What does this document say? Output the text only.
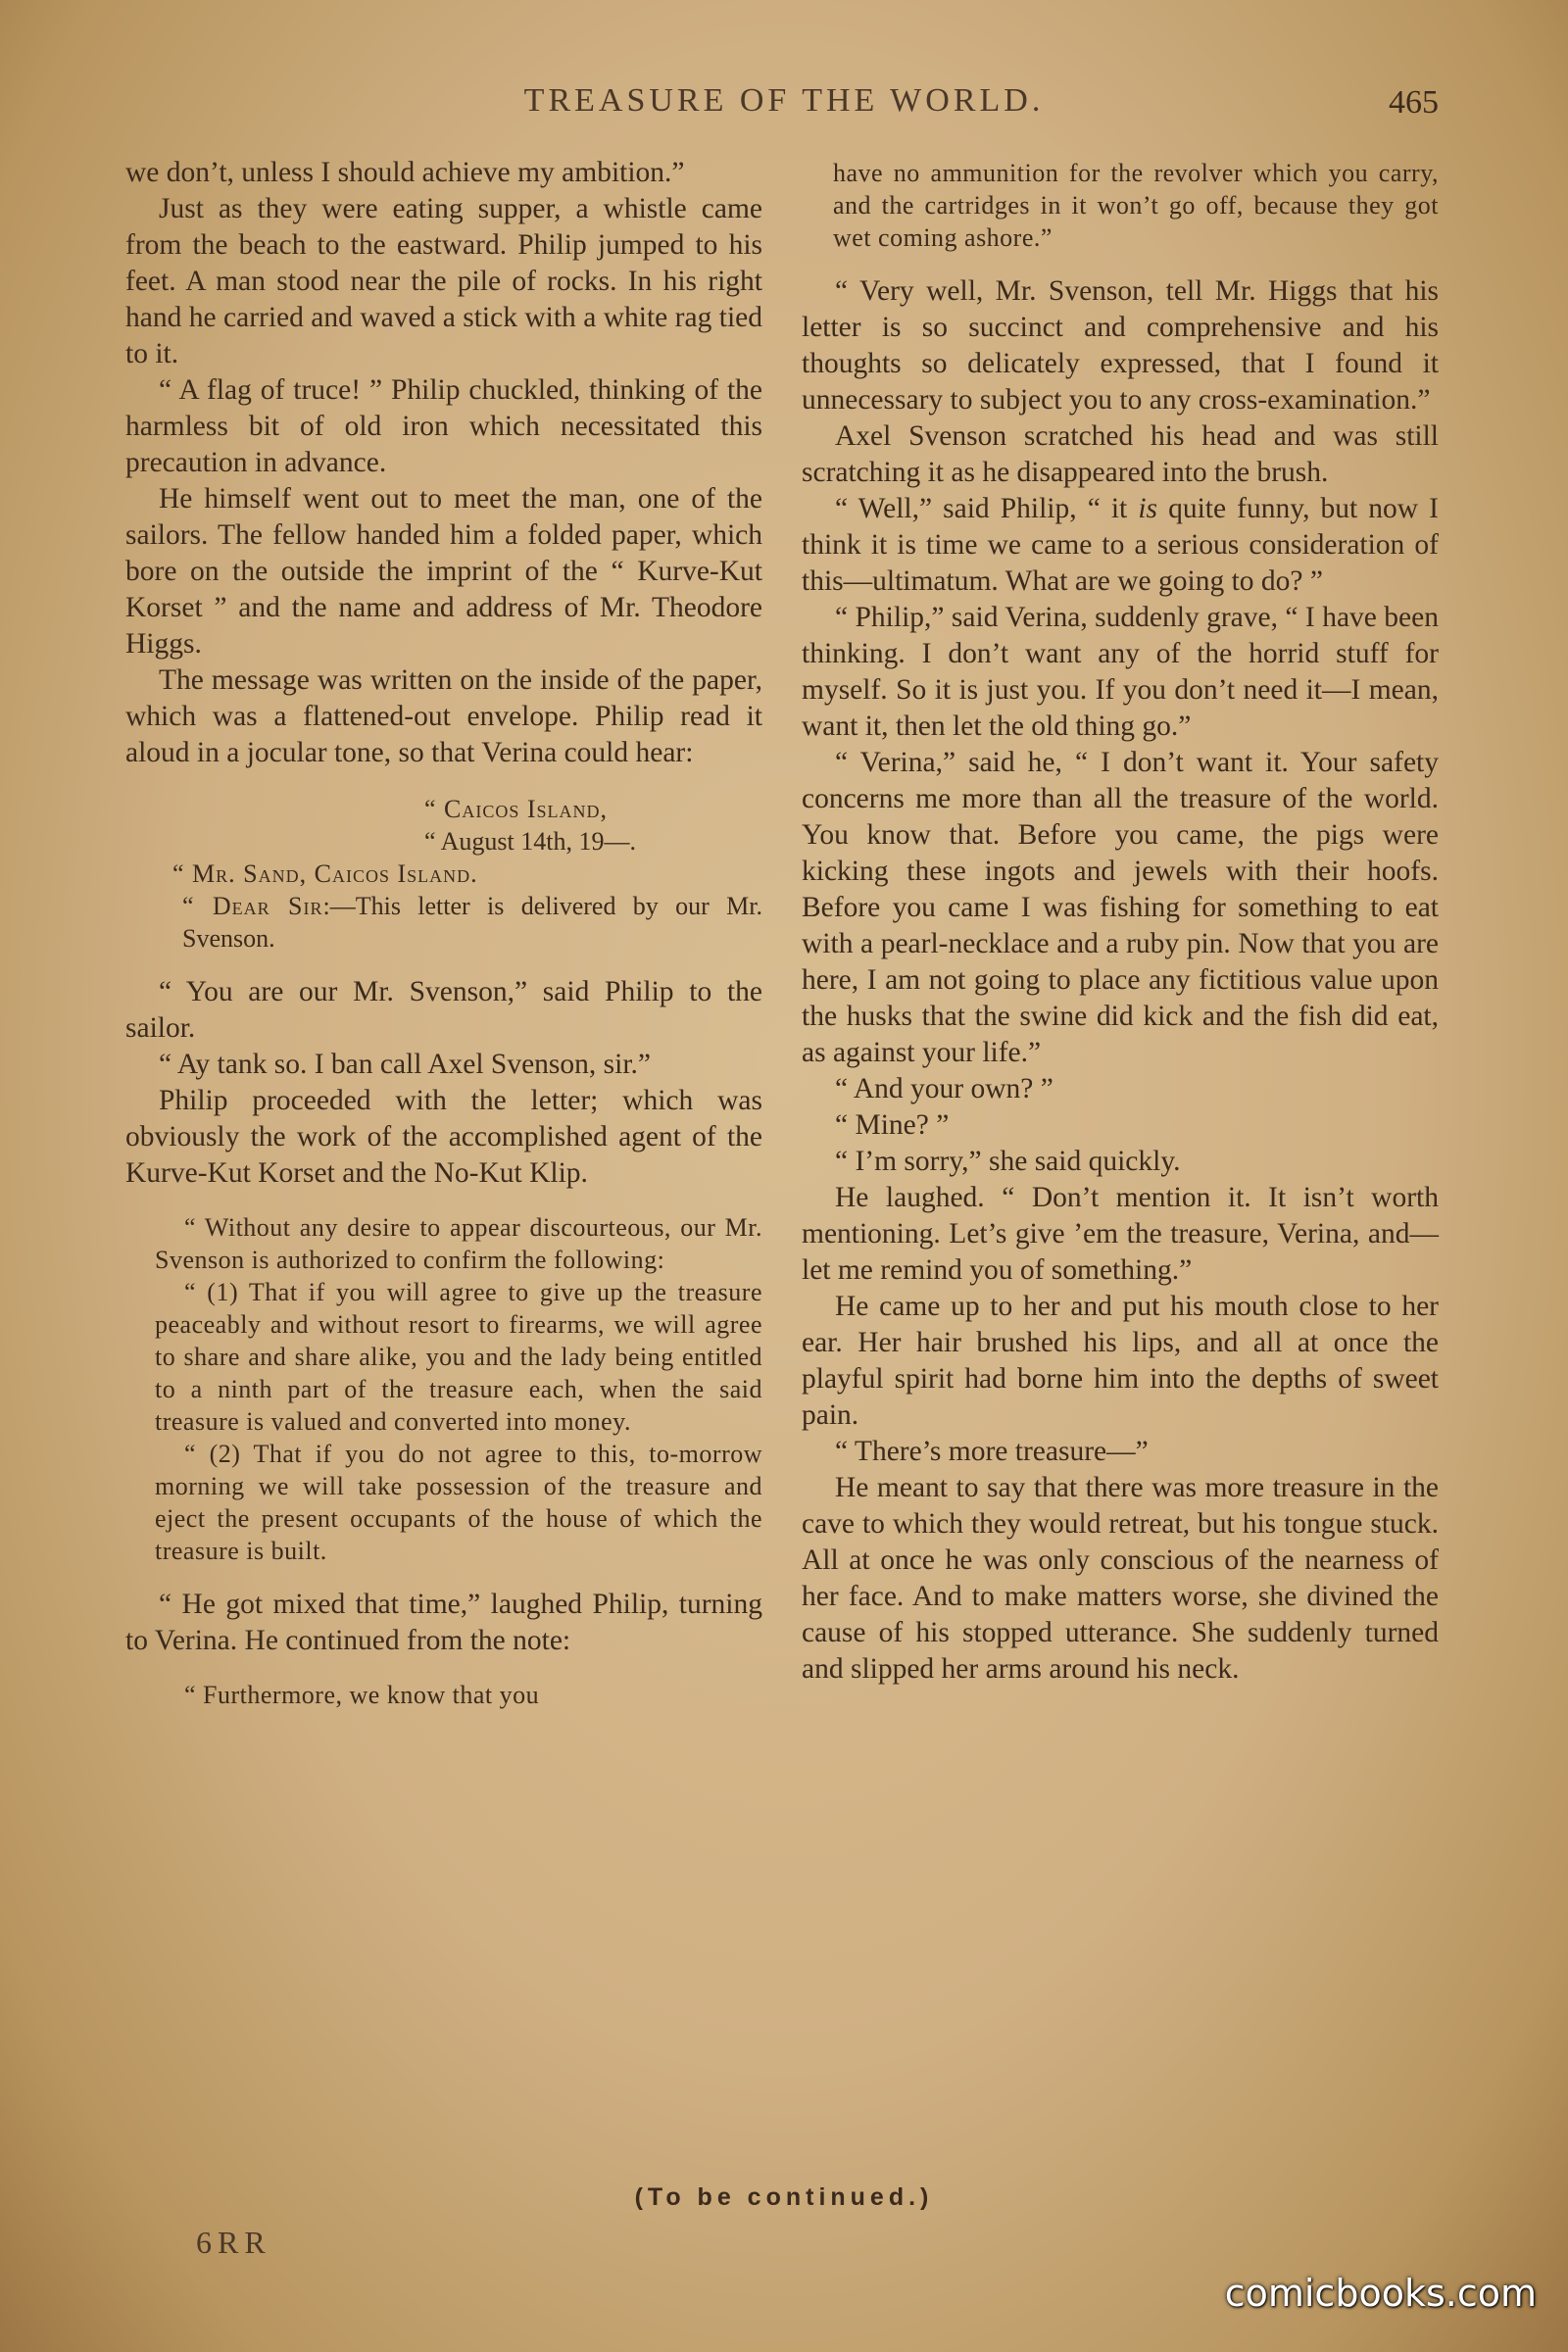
TREASURE OF THE WORLD.	465

we don’t, unless I should achieve my ambition.”

Just as they were eating supper, a whistle came from the beach to the eastward. Philip jumped to his feet. A man stood near the pile of rocks. In his right hand he carried and waved a stick with a white rag tied to it.

“ A flag of truce! ” Philip chuckled, thinking of the harmless bit of old iron which necessitated this precaution in advance.

He himself went out to meet the man, one of the sailors. The fellow handed him a folded paper, which bore on the outside the imprint of the “ Kurve-Kut Korset ” and the name and address of Mr. Theodore Higgs.

The message was written on the inside of the paper, which was a flattened-out envelope. Philip read it aloud in a jocular tone, so that Verina could hear:

“ Caicos Island,
“ August 14th, 19—.
“ Mr. Sand, Caicos Island.
“ Dear Sir:—This letter is delivered by our Mr. Svenson.

“ You are our Mr. Svenson,” said Philip to the sailor.

“ Ay tank so. I ban call Axel Svenson, sir.”

Philip proceeded with the letter; which was obviously the work of the accomplished agent of the Kurve-Kut Korset and the No-Kut Klip.

“ Without any desire to appear discourteous, our Mr. Svenson is authorized to confirm the following:

“ (1) That if you will agree to give up the treasure peaceably and without resort to firearms, we will agree to share and share alike, you and the lady being entitled to a ninth part of the treasure each, when the said treasure is valued and converted into money.

“ (2) That if you do not agree to this, to-morrow morning we will take possession of the treasure and eject the present occupants of the house of which the treasure is built.

“ He got mixed that time,” laughed Philip, turning to Verina. He continued from the note:

“ Furthermore, we know that you

have no ammunition for the revolver which you carry, and the cartridges in it won’t go off, because they got wet coming ashore.”

“ Very well, Mr. Svenson, tell Mr. Higgs that his letter is so succinct and comprehensive and his thoughts so delicately expressed, that I found it unnecessary to subject you to any cross-examination.”

Axel Svenson scratched his head and was still scratching it as he disappeared into the brush.

“ Well,” said Philip, “ it is quite funny, but now I think it is time we came to a serious consideration of this—ultimatum. What are we going to do? ”

“ Philip,” said Verina, suddenly grave, “ I have been thinking. I don’t want any of the horrid stuff for myself. So it is just you. If you don’t need it—I mean, want it, then let the old thing go.”

“ Verina,” said he, “ I don’t want it. Your safety concerns me more than all the treasure of the world. You know that. Before you came, the pigs were kicking these ingots and jewels with their hoofs. Before you came I was fishing for something to eat with a pearl-necklace and a ruby pin. Now that you are here, I am not going to place any fictitious value upon the husks that the swine did kick and the fish did eat, as against your life.”

“ And your own? ”

“ Mine? ”

“ I’m sorry,” she said quickly.

He laughed. “ Don’t mention it. It isn’t worth mentioning. Let’s give ’em the treasure, Verina, and—let me remind you of something.”

He came up to her and put his mouth close to her ear. Her hair brushed his lips, and all at once the playful spirit had borne him into the depths of sweet pain.

“ There’s more treasure—”

He meant to say that there was more treasure in the cave to which they would retreat, but his tongue stuck. All at once he was only conscious of the nearness of her face. And to make matters worse, she divined the cause of his stopped utterance. She suddenly turned and slipped her arms around his neck.

(To be continued.)
6RR
comicbooks.com
